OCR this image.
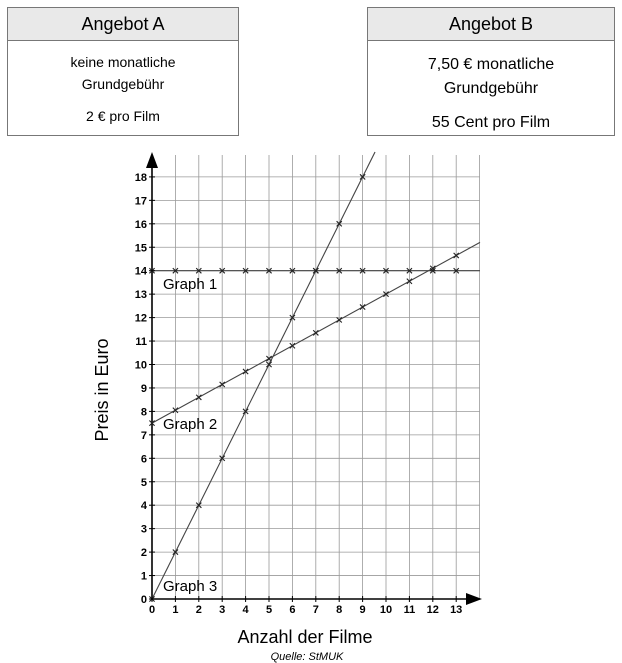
Angebot A
keine monatliche
Grundgebühr
2 € pro Film
Angebot B
7,50 € monatliche
Grundgebühr
55 Cent pro Film
0 1 2 3 4 5 6 7 8 9 10 11 12 13
0
1
2
3
4
5
6
7
8
9
10
11
12
13
14
15
16
17
18
Graph 1
Graph 2
Graph 3
Anzahl der Filme
Preis in Euro
Quelle: StMUK
